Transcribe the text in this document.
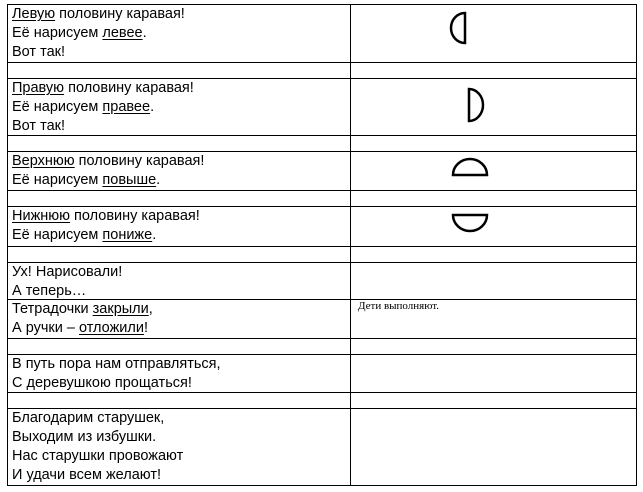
Левую половину каравая!
Её нарисуем левее.
Вот так!
Правую половину каравая!
Её нарисуем правее.
Вот так!
Верхнюю половину каравая!
Её нарисуем повыше.
Нижнюю половину каравая!
Её нарисуем пониже.
Ух! Нарисовали!
А теперь…
Тетрадочки закрыли,
А ручки – отложили!
В путь пора нам отправляться,
С деревушкою прощаться!
Благодарим старушек,
Выходим из избушки.
Нас старушки провожают
И удачи всем желают!
Дети выполняют.
